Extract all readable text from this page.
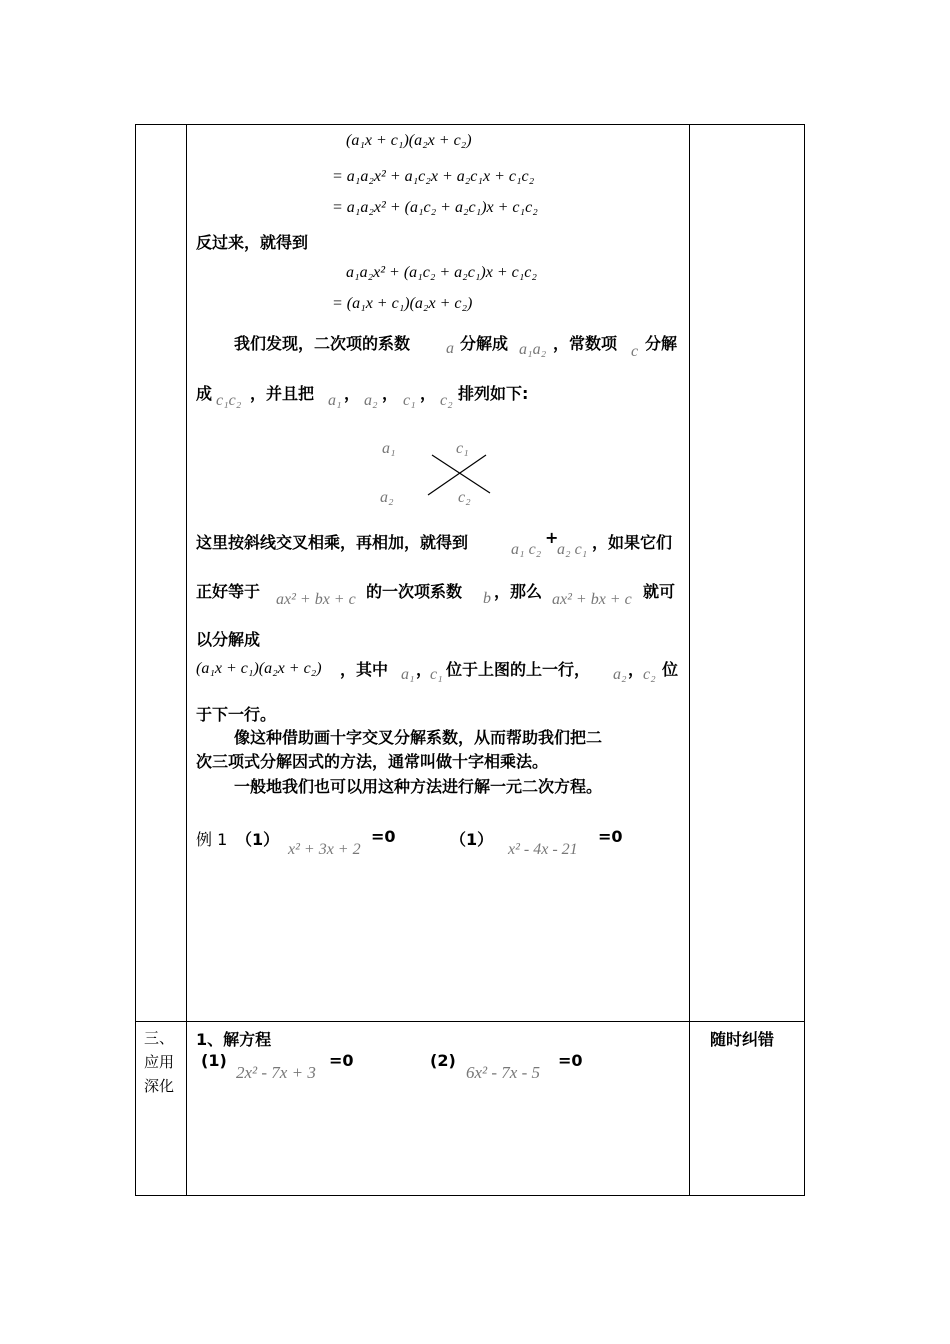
(a₁x + c₁)(a₂x + c₂)
= a₁a₂x² + a₁c₂x + a₂c₁x + c₁c₂
= a₁a₂x² + (a₁c₂ + a₂c₁)x + c₁c₂
反过来，就得到
a₁a₂x² + (a₁c₂ + a₂c₁)x + c₁c₂
= (a₁x + c₁)(a₂x + c₂)
我们发现，二次项的系数 a 分解成 a₁a₂ ，常数项 c 分解
成 c₁c₂ ，并且把 a₁ ， a₂ ， c₁ ， c₂ 排列如下:
a₁	c₁
a₂	c₂
这里按斜线交叉相乘，再相加，就得到	a₁ c₂
+
a₂ c₁ ，如果它们
正好等于 ax² + bx + c 的一次项系数 b ，那么 ax² + bx + c 就可
以分解成
(a₁x + c₁)(a₂x + c₂) ，其中 a₁ ，
c₁ 位于上图的上一行， a₂ ，
c₂ 位
于下一行。
像这种借助画十字交叉分解系数，从而帮助我们把二
次三项式分解因式的方法，通常叫做十字相乘法。
一般地我们也可以用这种方法进行解一元二次方程。
例 1 （1）
x² + 3x + 2
=0	（1）
x² - 4x - 21
=0
三、
应用
深化
1、解方程
(1)
2x² - 7x + 3
=0	(2)
6x² - 7x - 5
=0
随时纠错
